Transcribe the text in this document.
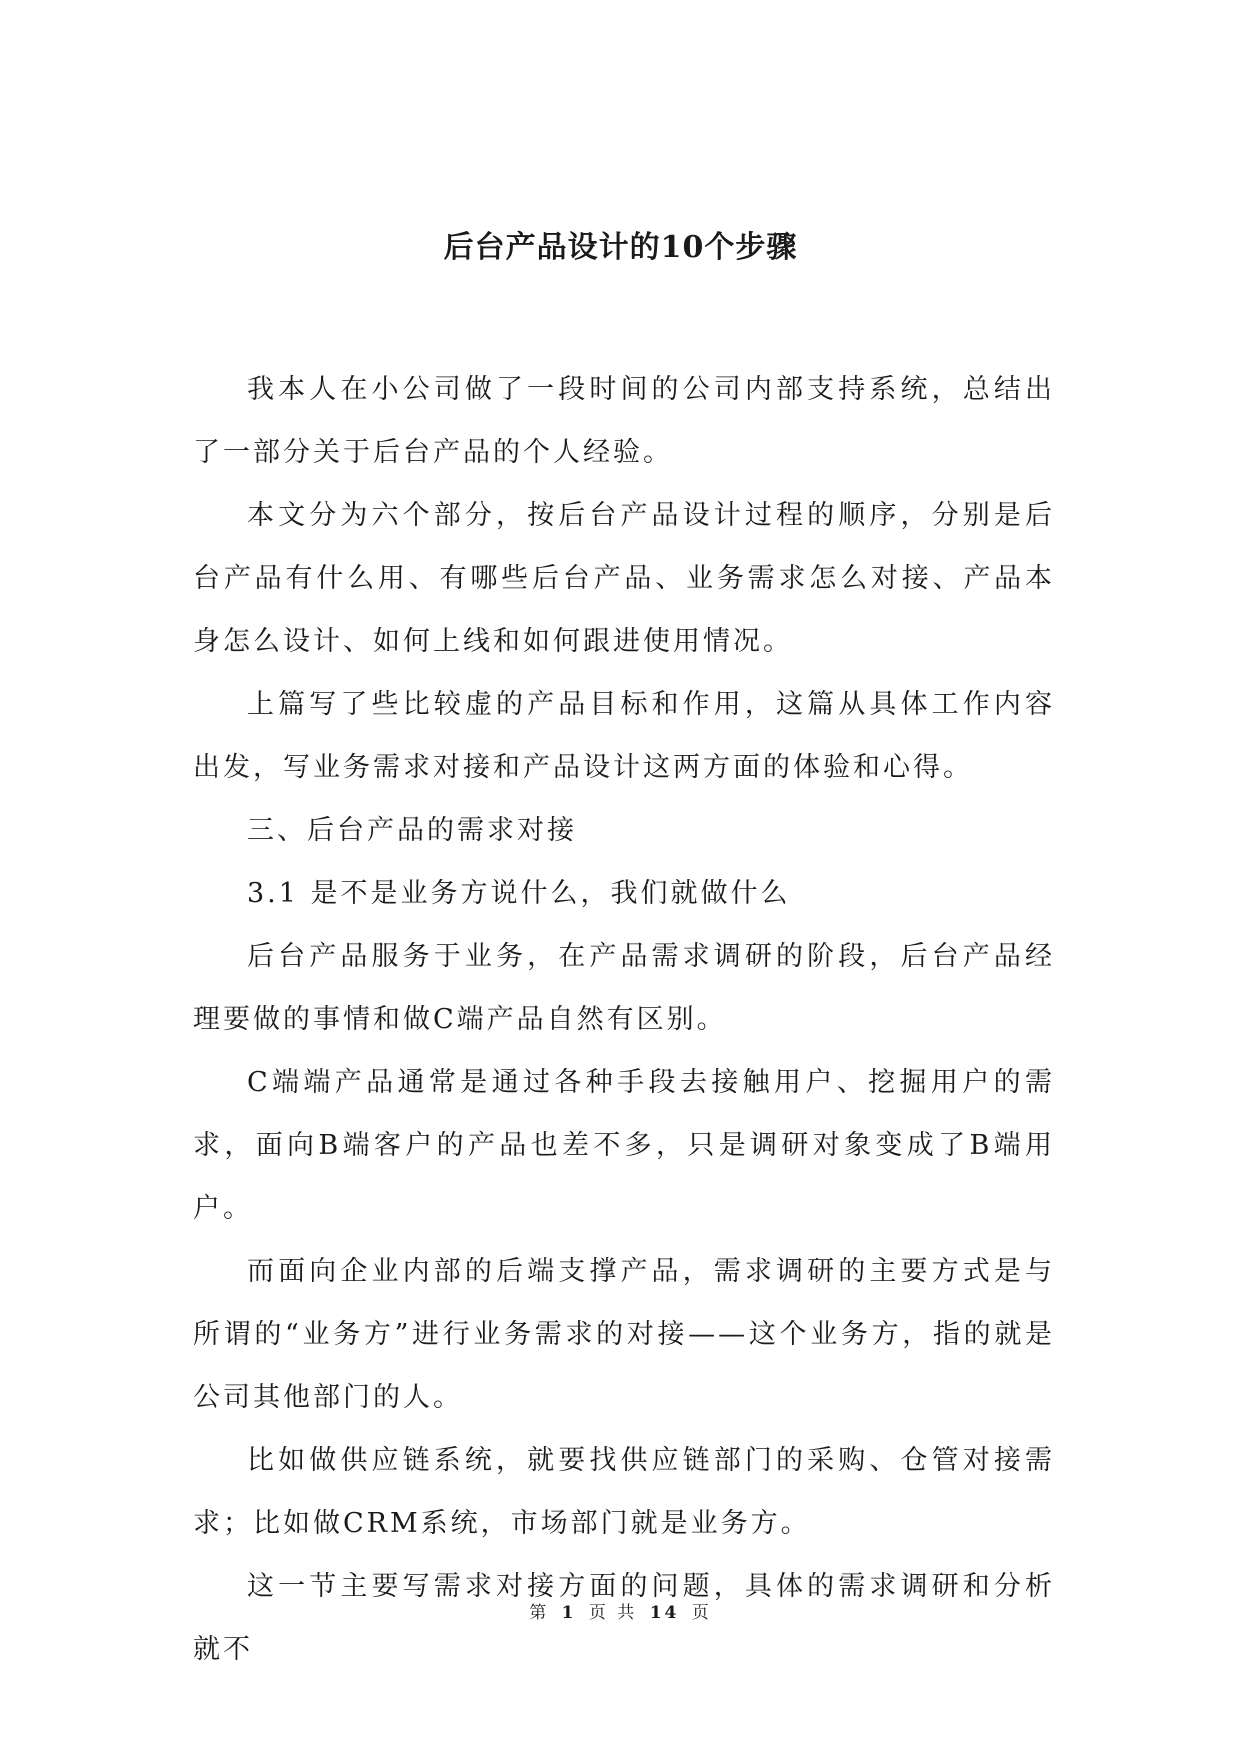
后台产品设计的10个步骤

我本人在小公司做了一段时间的公司内部支持系统，总结出了一部分关于后台产品的个人经验。

本文分为六个部分，按后台产品设计过程的顺序，分别是后台产品有什么用、有哪些后台产品、业务需求怎么对接、产品本身怎么设计、如何上线和如何跟进使用情况。

上篇写了些比较虚的产品目标和作用，这篇从具体工作内容出发，写业务需求对接和产品设计这两方面的体验和心得。

三、后台产品的需求对接

3.1 是不是业务方说什么，我们就做什么

后台产品服务于业务，在产品需求调研的阶段，后台产品经理要做的事情和做C端产品自然有区别。

C端端产品通常是通过各种手段去接触用户、挖掘用户的需求，面向B端客户的产品也差不多，只是调研对象变成了B端用户。

而面向企业内部的后端支撑产品，需求调研的主要方式是与所谓的“业务方”进行业务需求的对接——这个业务方，指的就是公司其他部门的人。

比如做供应链系统，就要找供应链部门的采购、仓管对接需求；比如做CRM系统，市场部门就是业务方。

这一节主要写需求对接方面的问题，具体的需求调研和分析就不

第 1 页 共 14 页
